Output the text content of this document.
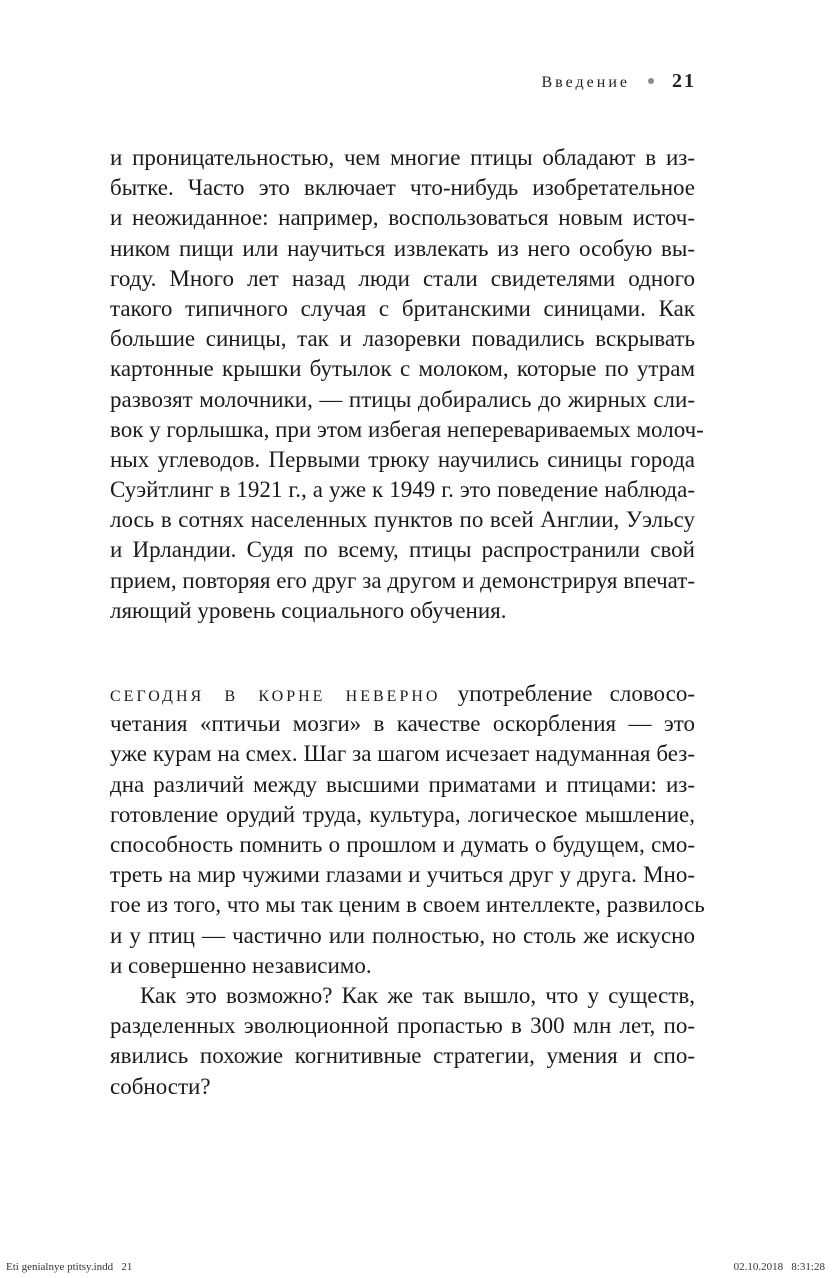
Введение 21
и проницательностью, чем многие птицы обладают в из-
бытке. Часто это включает что-нибудь изобретательное
и неожиданное: например, воспользоваться новым источ-
ником пищи или научиться извлекать из него особую вы-
году. Много лет назад люди стали свидетелями одного
такого типичного случая с британскими синицами. Как
большие синицы, так и лазоревки повадились вскрывать
картонные крышки бутылок с молоком, которые по утрам
развозят молочники, — птицы добирались до жирных сли-
вок у горлышка, при этом избегая неперевариваемых молоч-
ных углеводов. Первыми трюку научились синицы города
Суэйтлинг в 1921 г., а уже к 1949 г. это поведение наблюда-
лось в сотнях населенных пунктов по всей Англии, Уэльсу
и Ирландии. Судя по всему, птицы распространили свой
прием, повторяя его друг за другом и демонстрируя впечат-
ляющий уровень социального обучения.
сегодня в корне неверно употребление словосо-
четания «птичьи мозги» в качестве оскорбления — это
уже курам на смех. Шаг за шагом исчезает надуманная без-
дна различий между высшими приматами и птицами: из-
готовление орудий труда, культура, логическое мышление,
способность помнить о прошлом и думать о будущем, смо-
треть на мир чужими глазами и учиться друг у друга. Мно-
гое из того, что мы так ценим в своем интеллекте, развилось
и у птиц — частично или полностью, но столь же искусно
и совершенно независимо.
Как это возможно? Как же так вышло, что у существ,
разделенных эволюционной пропастью в 300 млн лет, по-
явились похожие когнитивные стратегии, умения и спо-
собности?
Eti genialnye ptitsy.indd   21	02.10.2018   8:31:28
